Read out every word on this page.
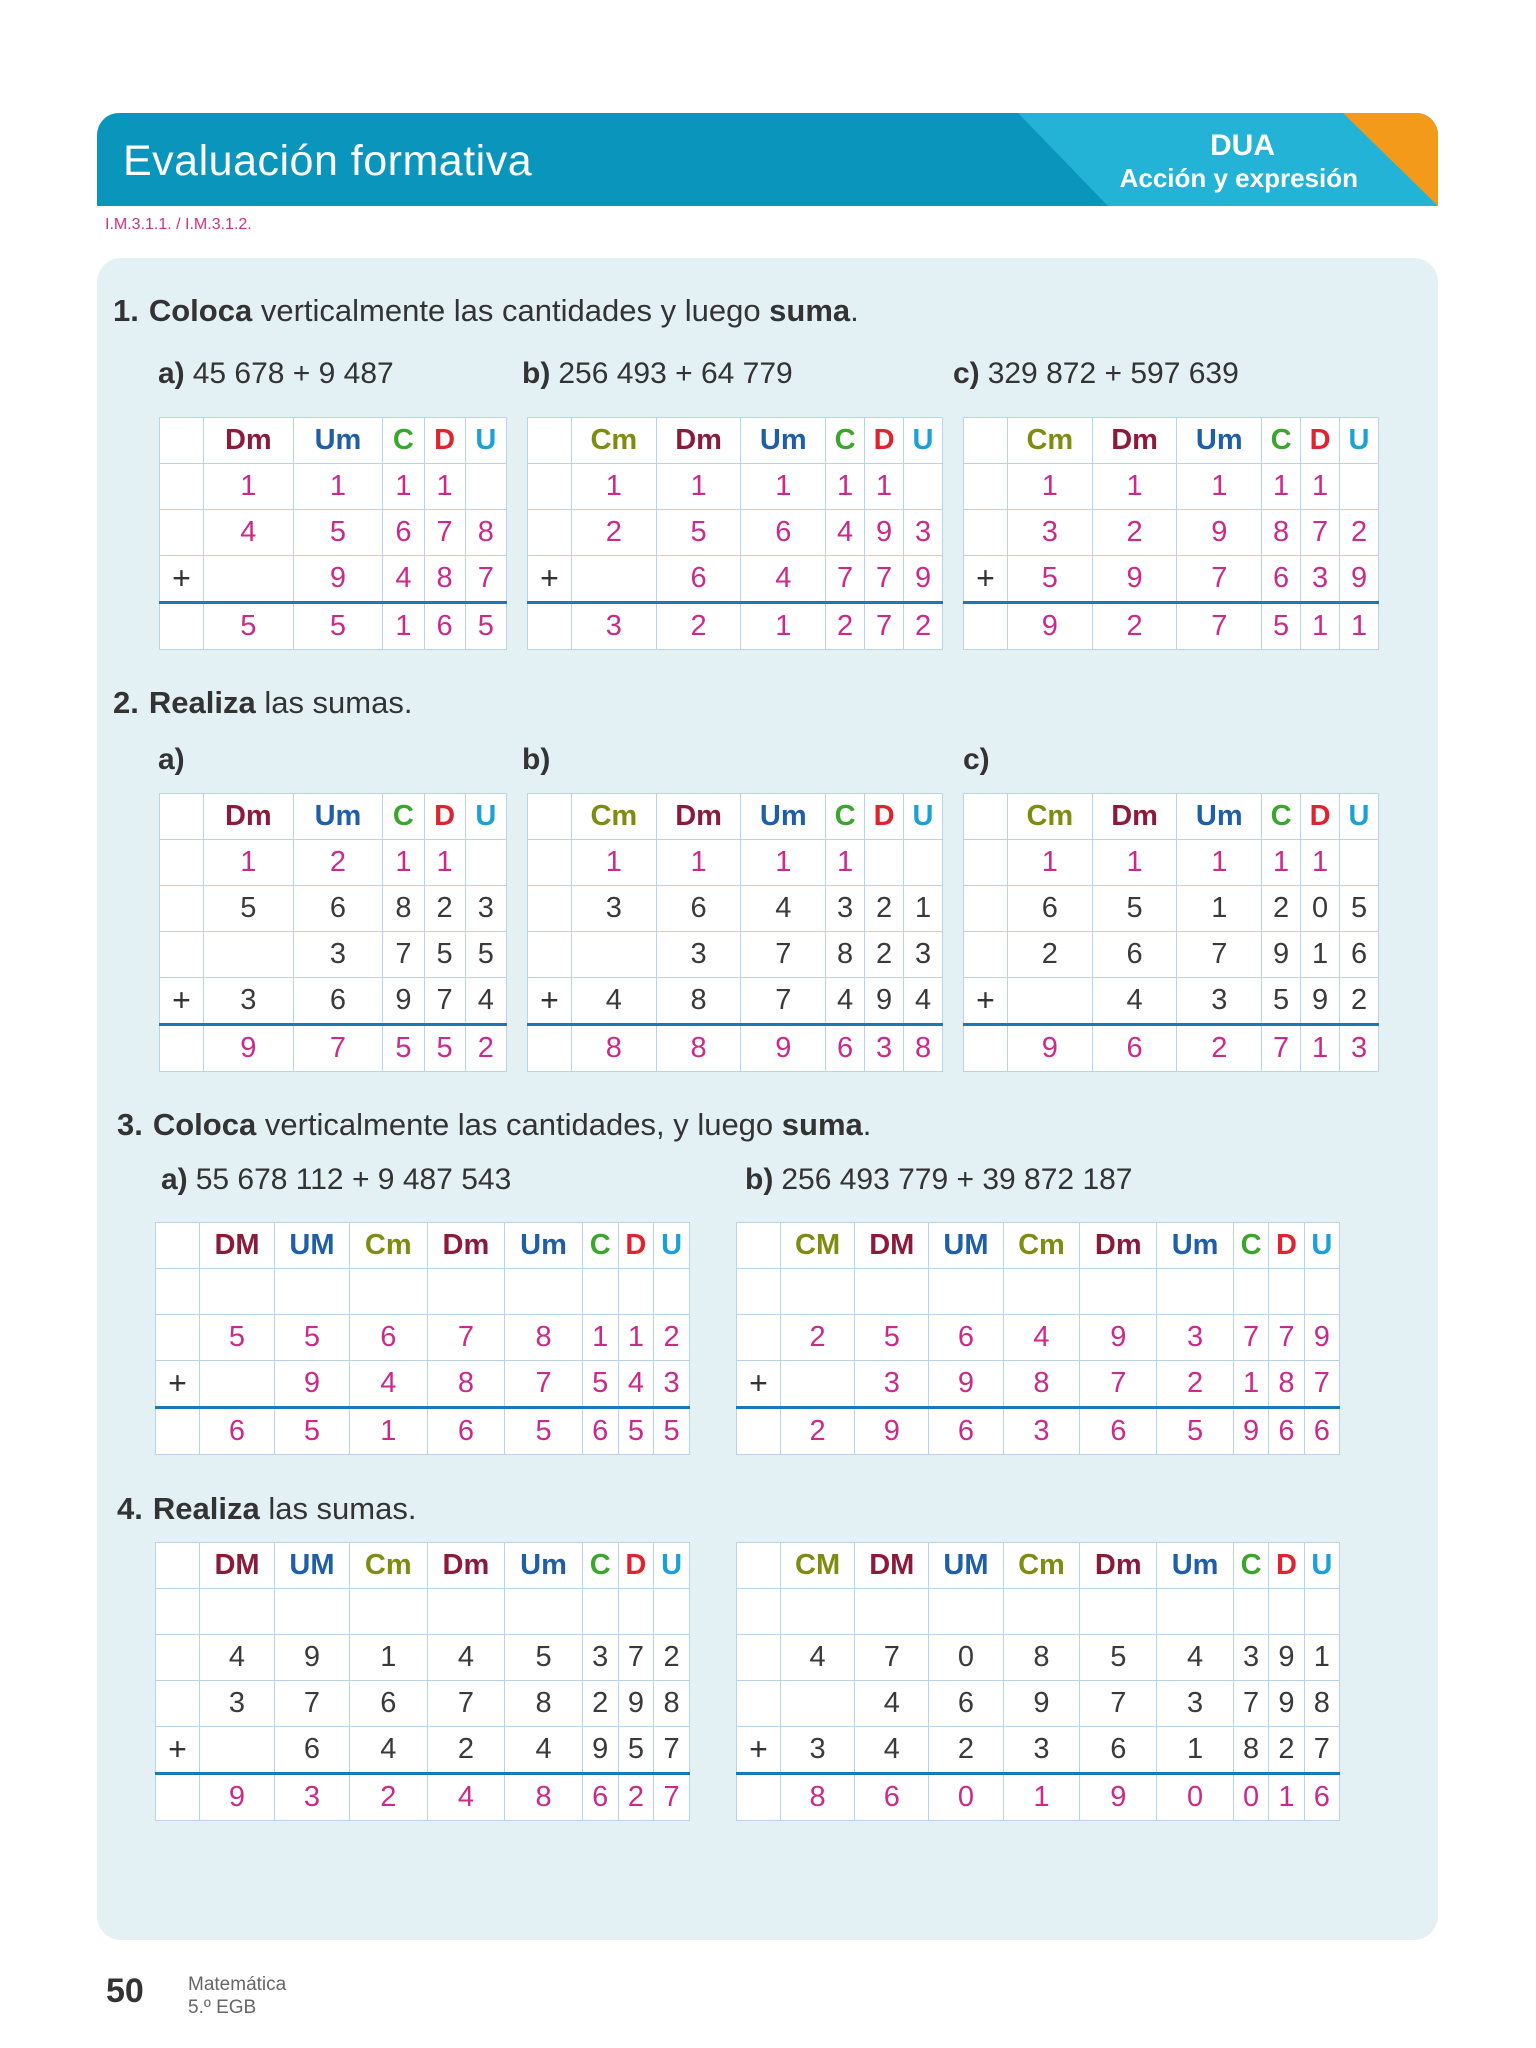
Evaluación formativa	DUA
Acción y expresión
I.M.3.1.1. / I.M.3.1.2.
1. Coloca verticalmente las cantidades y luego suma.
a) 45 678 + 9 487	b) 256 493 + 64 779	c) 329 872 + 597 639
	Dm	Um	C	D	U
	1	1	1	1	
	4	5	6	7	8
+		9	4	8	7
	5	5	1	6	5
	Cm	Dm	Um	C	D	U
	1	1	1	1	1	
	2	5	6	4	9	3
+		6	4	7	7	9
	3	2	1	2	7	2
	Cm	Dm	Um	C	D	U
	1	1	1	1	1	
	3	2	9	8	7	2
+	5	9	7	6	3	9
	9	2	7	5	1	1
2. Realiza las sumas.
a)	b)	c)
	Dm	Um	C	D	U
	1	2	1	1	
	5	6	8	2	3
		3	7	5	5
+	3	6	9	7	4
	9	7	5	5	2
	Cm	Dm	Um	C	D	U
	1	1	1	1		
	3	6	4	3	2	1
		3	7	8	2	3
+	4	8	7	4	9	4
	8	8	9	6	3	8
	Cm	Dm	Um	C	D	U
	1	1	1	1	1	
	6	5	1	2	0	5
	2	6	7	9	1	6
+		4	3	5	9	2
	9	6	2	7	1	3
3. Coloca verticalmente las cantidades, y luego suma.
a) 55 678 112 + 9 487 543	b) 256 493 779 + 39 872 187
	DM	UM	Cm	Dm	Um	C	D	U

	5	5	6	7	8	1	1	2
+		9	4	8	7	5	4	3
	6	5	1	6	5	6	5	5
	CM	DM	UM	Cm	Dm	Um	C	D	U

	2	5	6	4	9	3	7	7	9
+		3	9	8	7	2	1	8	7
	2	9	6	3	6	5	9	6	6
4. Realiza las sumas.
	DM	UM	Cm	Dm	Um	C	D	U

	4	9	1	4	5	3	7	2
	3	7	6	7	8	2	9	8
+		6	4	2	4	9	5	7
	9	3	2	4	8	6	2	7
	CM	DM	UM	Cm	Dm	Um	C	D	U

	4	7	0	8	5	4	3	9	1
		4	6	9	7	3	7	9	8
+	3	4	2	3	6	1	8	2	7
	8	6	0	1	9	0	0	1	6
50 Matemática
5.º EGB
